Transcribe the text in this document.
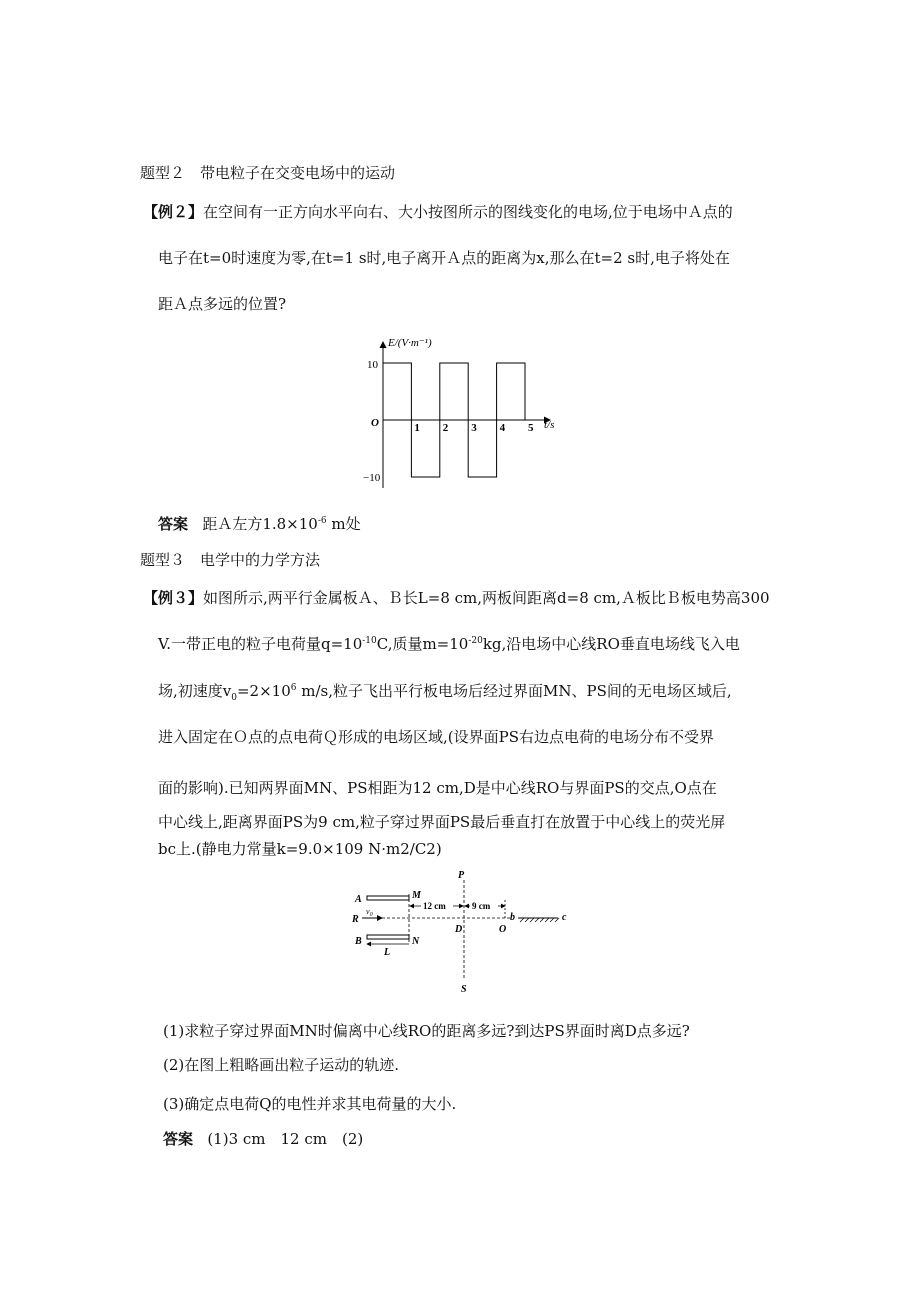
题型２　带电粒子在交变电场中的运动
【例２】在空间有一正方向水平向右、大小按图所示的图线变化的电场,位于电场中Ａ点的
电子在t=0时速度为零,在t=1 s时,电子离开Ａ点的距离为x,那么在t=2 s时,电子将处在
距Ａ点多远的位置?
E/(V·m⁻¹)
t/s
O
10
−10
1 2 3 4 5
答案 距Ａ左方$1.8\times 10^{-6}$ m处
题型３　电学中的力学方法
【例３】如图所示,两平行金属板Ａ、Ｂ长L=8 cm,两板间距离d=8 cm,Ａ板比Ｂ板电势高300
V.一带正电的粒子电荷量$q=10^{-10}C$,质量$m=10^{-20}kg$,沿电场中心线RO垂直电场线飞入电
场,初速度$v_0=2\times 10^6$ m/s,粒子飞出平行板电场后经过界面MN、PS间的无电场区域后,
进入固定在Ｏ点的点电荷Ｑ形成的电场区域,(设界面PS右边点电荷的电场分布不受界
面的影响).已知两界面MN、PS相距为12 cm,D是中心线RO与界面PS的交点,O点在
中心线上,距离界面PS为9 cm,粒子穿过界面PS最后垂直打在放置于中心线上的荧光屏
bc上.(静电力常量k=9.0×109 N·m2/C2)
A
B
M
N
R
$v_0$
L
P
S
12 cm	9 cm
D	O
b	c
(1)求粒子穿过界面MN时偏离中心线RO的距离多远?到达PS界面时离D点多远?
(2)在图上粗略画出粒子运动的轨迹.
(3)确定点电荷Q的电性并求其电荷量的大小.
答案 (1)3 cm　12 cm　(2)
